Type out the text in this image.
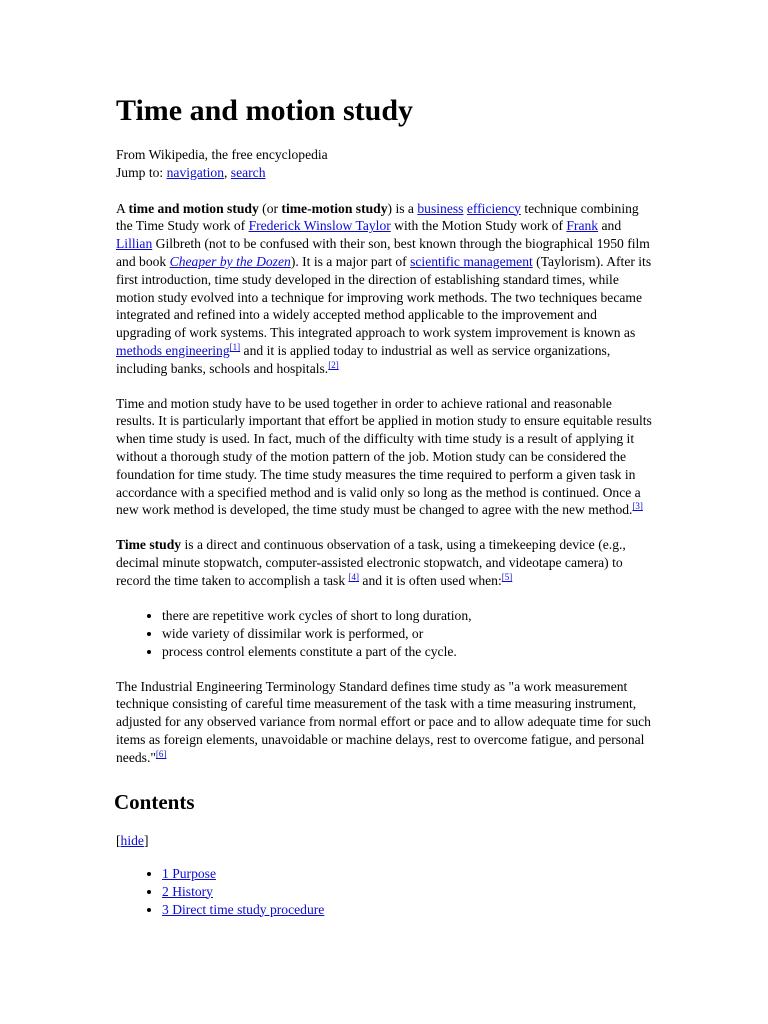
Time and motion study
From Wikipedia, the free encyclopedia
Jump to: navigation, search

A time and motion study (or time-motion study) is a business efficiency technique combining the Time Study work of Frederick Winslow Taylor with the Motion Study work of Frank and Lillian Gilbreth (not to be confused with their son, best known through the biographical 1950 film and book Cheaper by the Dozen). It is a major part of scientific management (Taylorism). After its first introduction, time study developed in the direction of establishing standard times, while motion study evolved into a technique for improving work methods. The two techniques became integrated and refined into a widely accepted method applicable to the improvement and upgrading of work systems. This integrated approach to work system improvement is known as methods engineering[1] and it is applied today to industrial as well as service organizations, including banks, schools and hospitals.[2]

Time and motion study have to be used together in order to achieve rational and reasonable results. It is particularly important that effort be applied in motion study to ensure equitable results when time study is used. In fact, much of the difficulty with time study is a result of applying it without a thorough study of the motion pattern of the job. Motion study can be considered the foundation for time study. The time study measures the time required to perform a given task in accordance with a specified method and is valid only so long as the method is continued. Once a new work method is developed, the time study must be changed to agree with the new method.[3]

Time study is a direct and continuous observation of a task, using a timekeeping device (e.g., decimal minute stopwatch, computer-assisted electronic stopwatch, and videotape camera) to record the time taken to accomplish a task [4] and it is often used when:[5]

• there are repetitive work cycles of short to long duration,
• wide variety of dissimilar work is performed, or
• process control elements constitute a part of the cycle.

The Industrial Engineering Terminology Standard defines time study as "a work measurement technique consisting of careful time measurement of the task with a time measuring instrument, adjusted for any observed variance from normal effort or pace and to allow adequate time for such items as foreign elements, unavoidable or machine delays, rest to overcome fatigue, and personal needs."[6]

Contents
[hide]
• 1 Purpose
• 2 History
• 3 Direct time study procedure
